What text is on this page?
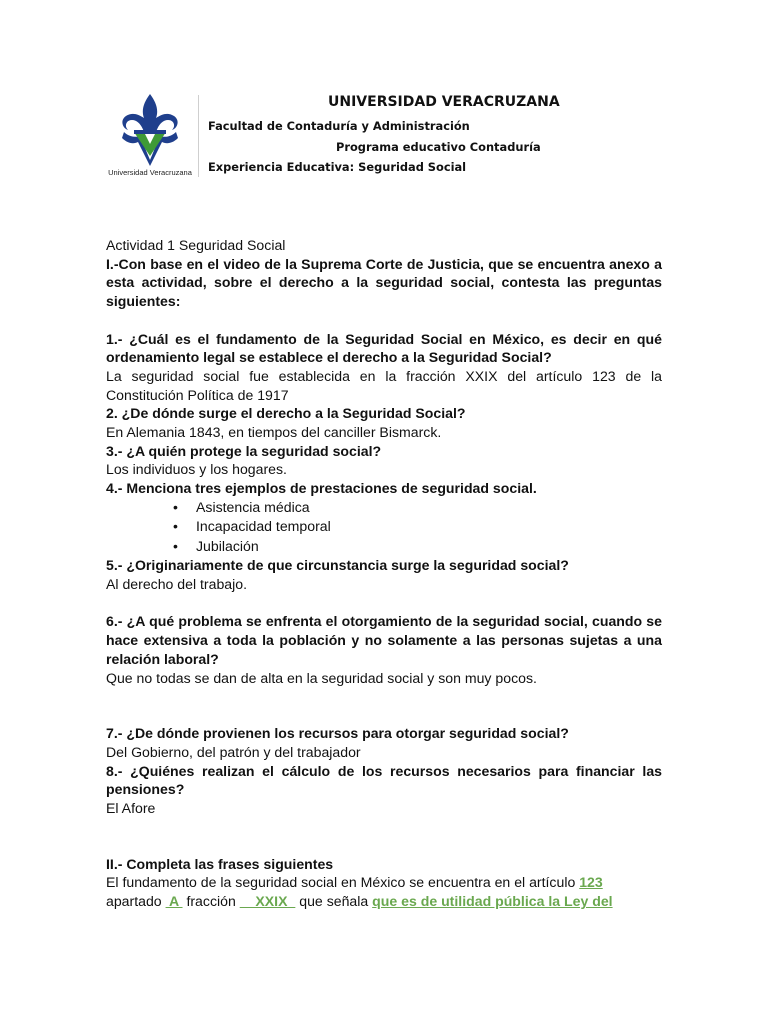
Universidad Veracruzana
UNIVERSIDAD VERACRUZANA
Facultad de Contaduría y Administración
Programa educativo Contaduría
Experiencia Educativa: Seguridad Social

Actividad 1 Seguridad Social

I.-Con base en el video de la Suprema Corte de Justicia, que se encuentra anexo a esta actividad, sobre el derecho a la seguridad social, contesta las preguntas siguientes:

1.- ¿Cuál es el fundamento de la Seguridad Social en México, es decir en qué ordenamiento legal se establece el derecho a la Seguridad Social?

La seguridad social fue establecida en la fracción XXIX del artículo 123 de la Constitución Política de 1917

2. ¿De dónde surge el derecho a la Seguridad Social?

En Alemania 1843, en tiempos del canciller Bismarck.

3.- ¿A quién protege la seguridad social?

Los individuos y los hogares.

4.- Menciona tres ejemplos de prestaciones de seguridad social.

• Asistencia médica
• Incapacidad temporal
• Jubilación

5.- ¿Originariamente de que circunstancia surge la seguridad social?

Al derecho del trabajo.

6.- ¿A qué problema se enfrenta el otorgamiento de la seguridad social, cuando se hace extensiva a toda la población y no solamente a las personas sujetas a una relación laboral?

Que no todas se dan de alta en la seguridad social y son muy pocos.

7.- ¿De dónde provienen los recursos para otorgar seguridad social?

Del Gobierno, del patrón y del trabajador

8.- ¿Quiénes realizan el cálculo de los recursos necesarios para financiar las pensiones?

El Afore

II.- Completa las frases siguientes

El fundamento de la seguridad social en México se encuentra en el artículo 123
apartado  A  fracción     XXIX   que señala que es de utilidad pública la Ley del
